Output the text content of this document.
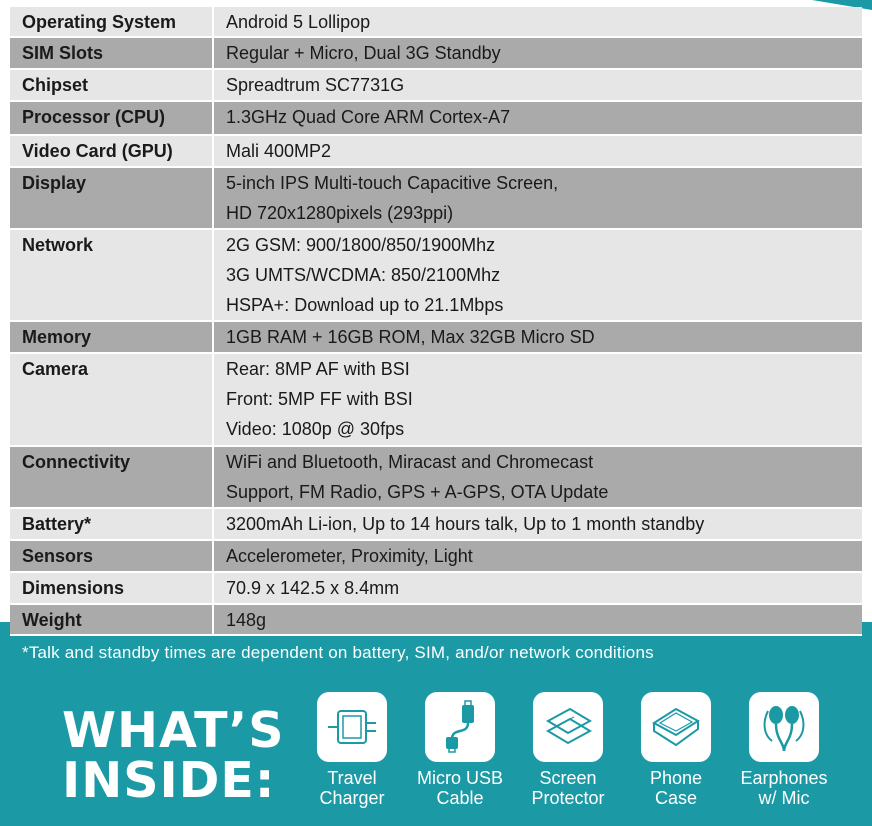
Operating System	Android 5 Lollipop
SIM Slots	Regular + Micro, Dual 3G Standby
Chipset	Spreadtrum SC7731G
Processor (CPU)	1.3GHz Quad Core ARM Cortex-A7
Video Card (GPU)	Mali 400MP2
Display	5-inch IPS Multi-touch Capacitive Screen,
HD 720x1280pixels (293ppi)
Network	2G GSM: 900/1800/850/1900Mhz
3G UMTS/WCDMA: 850/2100Mhz
HSPA+: Download up to 21.1Mbps
Memory	1GB RAM + 16GB ROM, Max 32GB Micro SD
Camera	Rear: 8MP AF with BSI
Front: 5MP FF with BSI
Video: 1080p @ 30fps
Connectivity	WiFi and Bluetooth, Miracast and Chromecast
Support, FM Radio, GPS + A-GPS, OTA Update
Battery*	3200mAh Li-ion, Up to 14 hours talk, Up to 1 month standby
Sensors	Accelerometer, Proximity, Light
Dimensions	70.9 x 142.5 x 8.4mm
Weight	148g
*Talk and standby times are dependent on battery, SIM, and/or network conditions
WHAT’S
INSIDE:	Travel
Charger
Micro USB
Cable
Screen
Protector
Phone
Case
Earphones
w/ Mic
